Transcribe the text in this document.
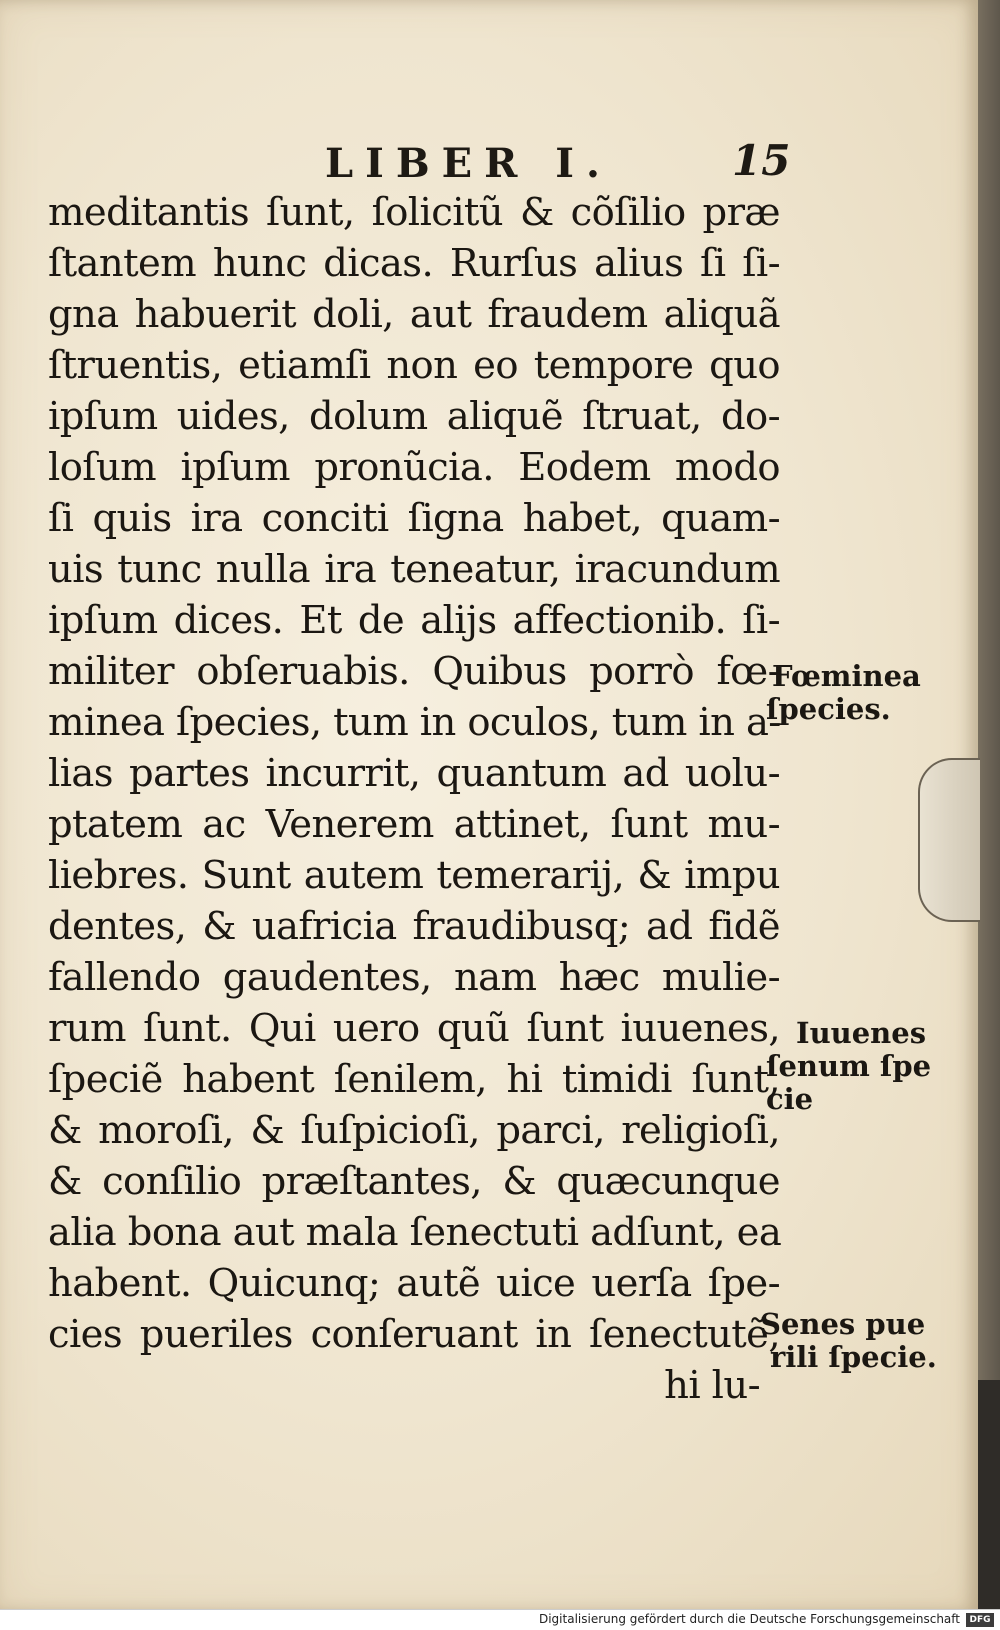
LIBER I.	15
meditantis ſunt, ſolicitũ & cõſilio præ
ſtantem hunc dicas. Rurſus alius ſi ſi-
gna habuerit doli, aut fraudem aliquã
ſtruentis, etiamſi non eo tempore quo
ipſum uides, dolum aliquẽ ſtruat, do-
loſum ipſum pronũcia. Eodem modo
ſi quis ira conciti ſigna habet, quam-
uis tunc nulla ira teneatur, iracundum
ipſum dices. Et de alijs affectionib. ſi-
militer obſeruabis. Quibus porrò fœ-
minea ſpecies, tum in oculos, tum in a-
lias partes incurrit, quantum ad uolu-
ptatem ac Venerem attinet, ſunt mu-
liebres. Sunt autem temerarij, & impu
dentes, & uafricia fraudibusq; ad fidẽ
fallendo gaudentes, nam hæc mulie-
rum ſunt. Qui uero quũ ſunt iuuenes,
ſpeciẽ habent ſenilem, hi timidi ſunt,
& moroſi, & ſuſpicioſi, parci, religioſi,
& conſilio præſtantes, & quæcunque
alia bona aut mala ſenectuti adſunt, ea
habent. Quicunq; autẽ uice uerſa ſpe-
cies pueriles conſeruant in ſenectutẽ,
hi lu-
Fœminea
ſpecies.
Iuuenes
ſenum ſpe
cie
Senes pue
rili ſpecie.
Digitalisierung gefördert durch die Deutsche Forschungsgemeinschaft	DFG
